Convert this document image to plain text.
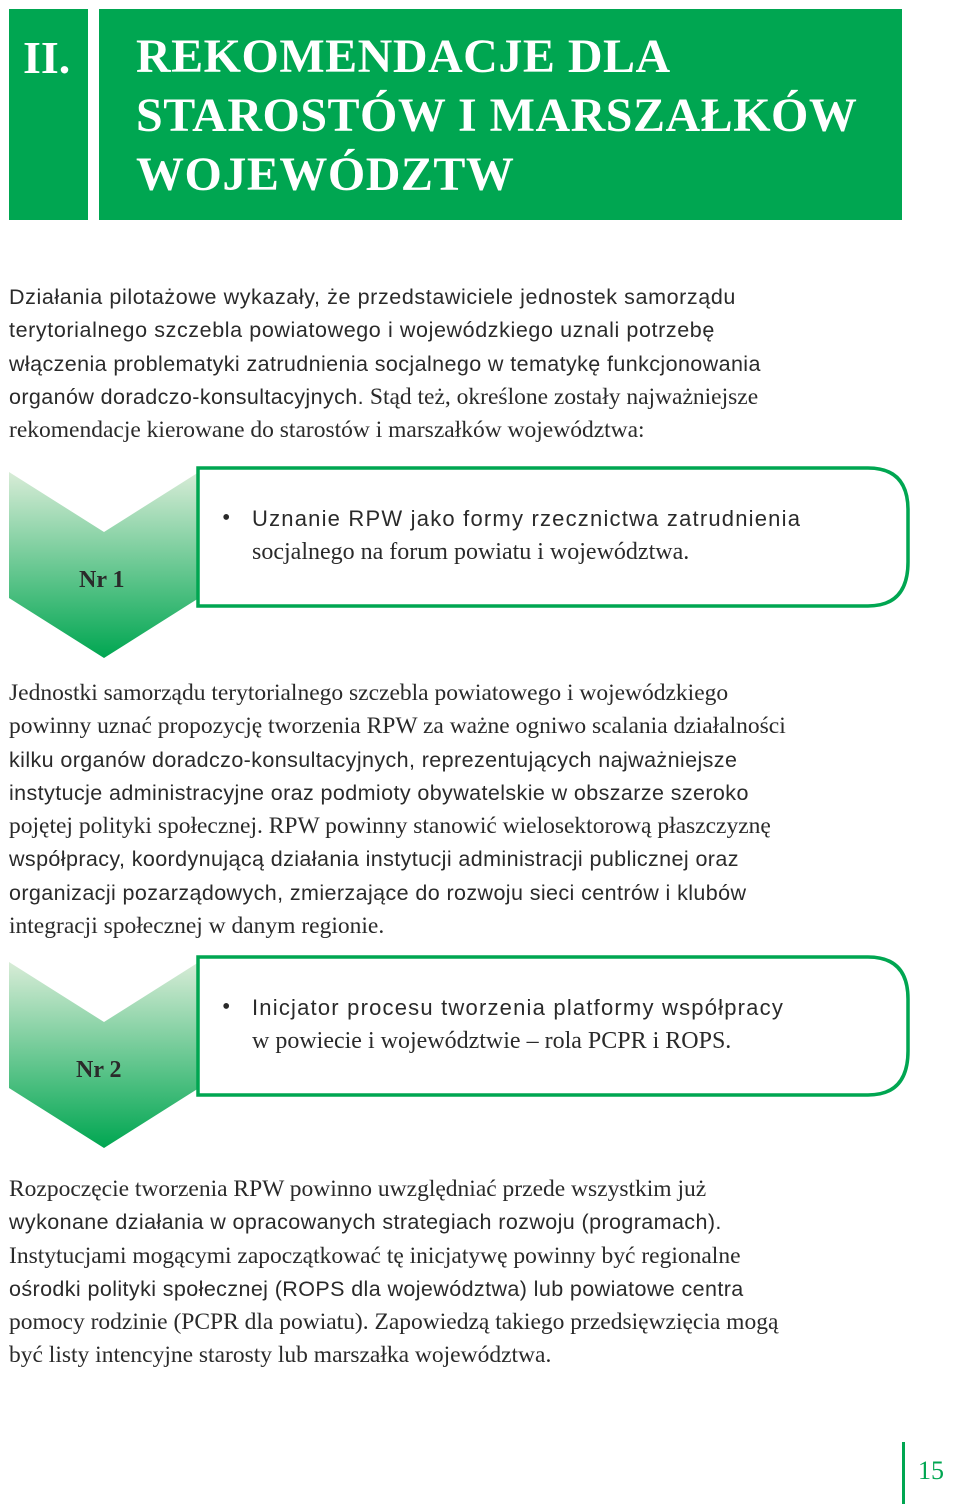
II.	REKOMENDACJE DLA
STAROSTÓW I MARSZAŁKÓW
WOJEWÓDZTW
Działania pilotażowe wykazały, że przedstawiciele jednostek samorządu
terytorialnego szczebla powiatowego i wojewódzkiego uznali potrzebę
włączenia problematyki zatrudnienia socjalnego w tematykę funkcjonowania
organów doradczo-konsultacyjnych. Stąd też, określone zostały najważniejsze
rekomendacje kierowane do starostów i marszałków województwa:
Nr 1
• Uznanie RPW jako formy rzecznictwa zatrudnienia
socjalnego na forum powiatu i województwa.
Jednostki samorządu terytorialnego szczebla powiatowego i wojewódzkiego
powinny uznać propozycję tworzenia RPW za ważne ogniwo scalania działalności
kilku organów doradczo-konsultacyjnych, reprezentujących najważniejsze
instytucje administracyjne oraz podmioty obywatelskie w obszarze szeroko
pojętej polityki społecznej. RPW powinny stanowić wielosektorową płaszczyznę
współpracy, koordynującą działania instytucji administracji publicznej oraz
organizacji pozarządowych, zmierzające do rozwoju sieci centrów i klubów
integracji społecznej w danym regionie.
Nr 2
• Inicjator procesu tworzenia platformy współpracy
w powiecie i województwie – rola PCPR i ROPS.
Rozpoczęcie tworzenia RPW powinno uwzględniać przede wszystkim już
wykonane działania w opracowanych strategiach rozwoju (programach).
Instytucjami mogącymi zapoczątkować tę inicjatywę powinny być regionalne
ośrodki polityki społecznej (ROPS dla województwa) lub powiatowe centra
pomocy rodzinie (PCPR dla powiatu). Zapowiedzą takiego przedsięwzięcia mogą
być listy intencyjne starosty lub marszałka województwa.
15
